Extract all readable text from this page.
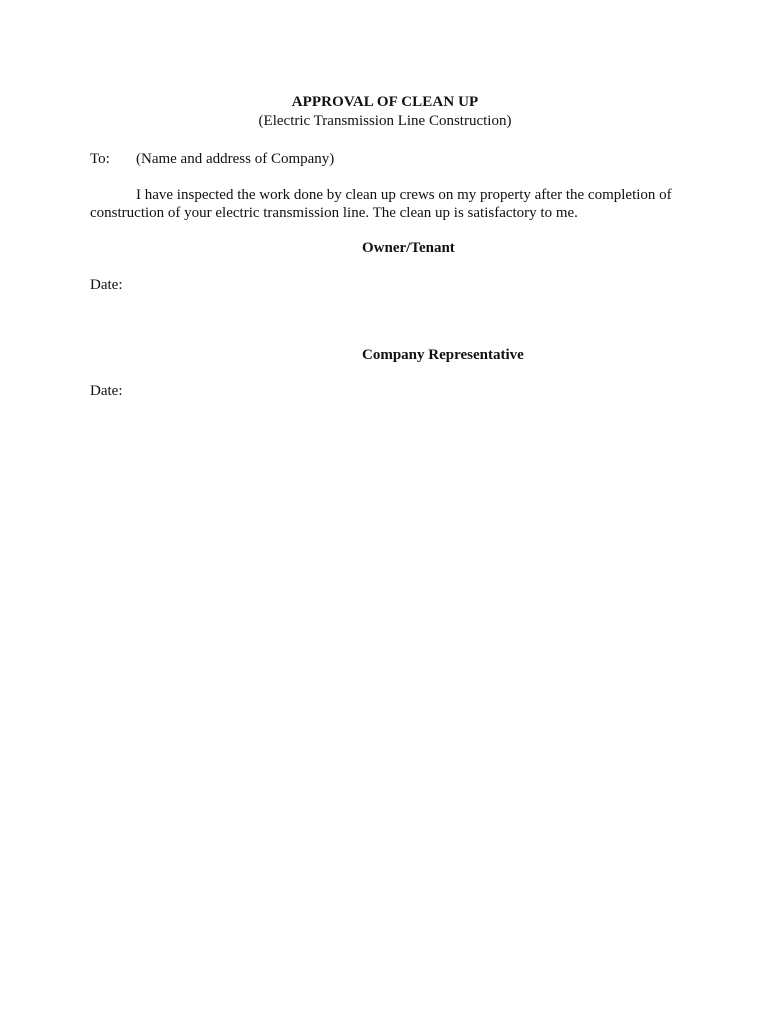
APPROVAL OF CLEAN UP
(Electric Transmission Line Construction)
To: (Name and address of Company)
I have inspected the work done by clean up crews on my property after the completion of
construction of your electric transmission line. The clean up is satisfactory to me.
Owner/Tenant
Date:
Company Representative
Date:
